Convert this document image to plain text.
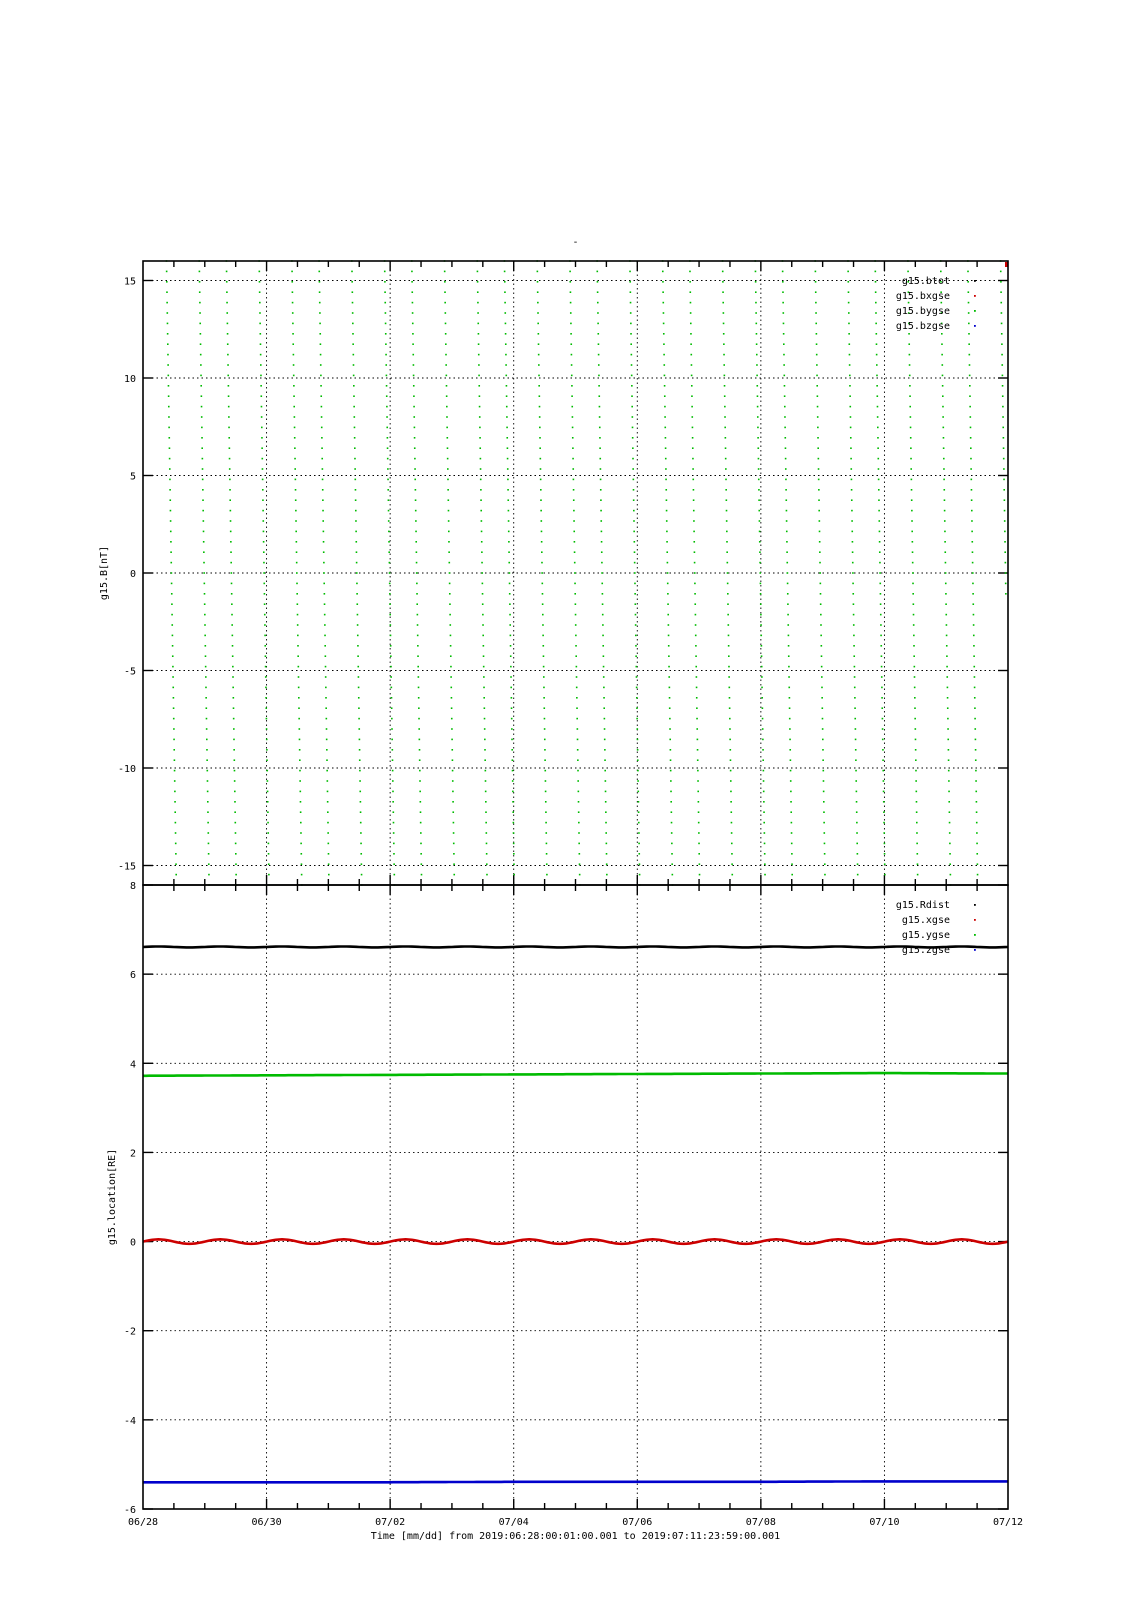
-15
-10
-5
0
5
10
15
g15.B[nT]
-
g15.btot
g15.bxgse
g15.bygse
g15.bzgse
-6
-4
-2
0
2
4
6
8
g15.location[RE]
06/28	06/30	07/02	07/04	07/06	07/08	07/10	07/12
Time [mm/dd] from 2019:06:28:00:01:00.001 to 2019:07:11:23:59:00.001
g15.Rdist
g15.xgse
g15.ygse
g15.zgse
